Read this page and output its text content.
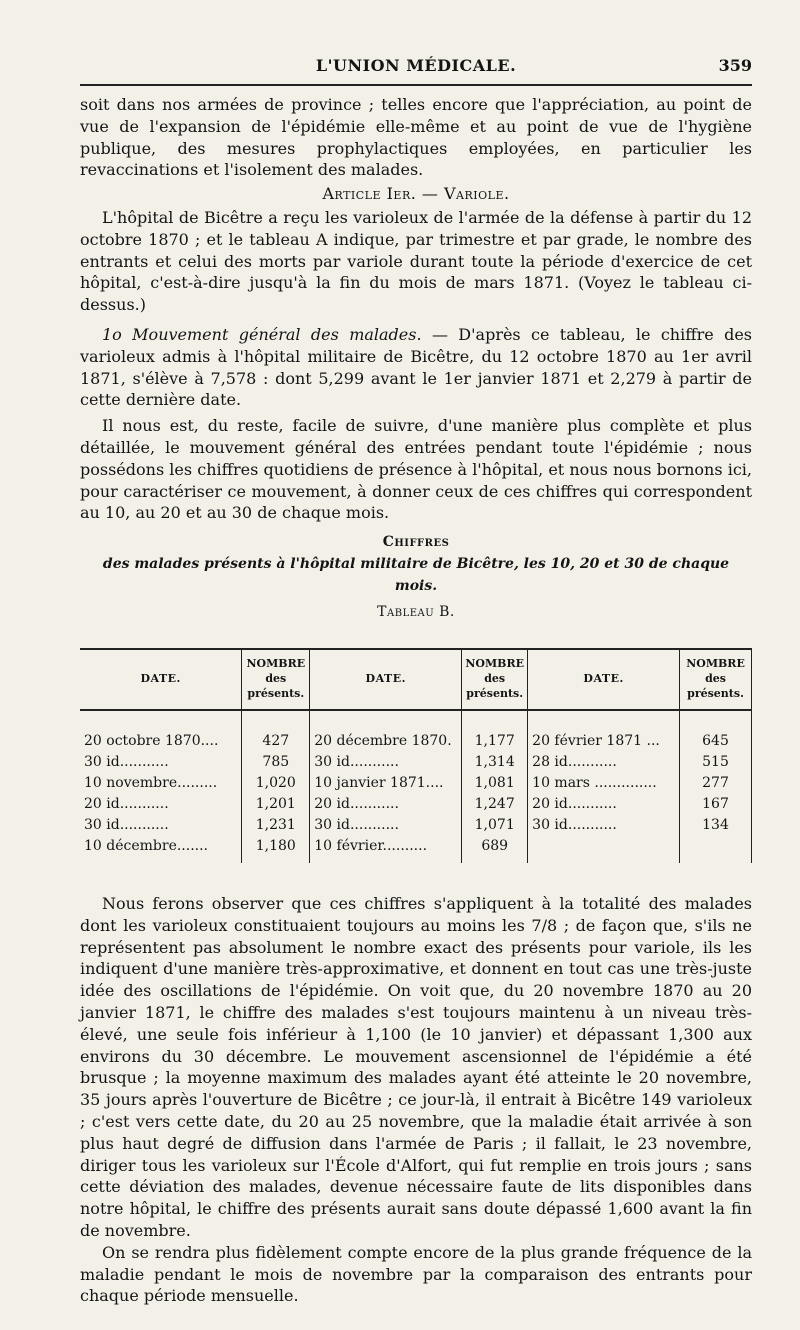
L'UNION MÉDICALE.	359

soit dans nos armées de province ; telles encore que l'appréciation, au point de vue de l'expansion de l'épidémie elle-même et au point de vue de l'hygiène publique, des mesures prophylactiques employées, en particulier les revaccinations et l'isolement des malades.

Article Ier. — Variole.

L'hôpital de Bicêtre a reçu les varioleux de l'armée de la défense à partir du 12 octobre 1870 ; et le tableau A indique, par trimestre et par grade, le nombre des entrants et celui des morts par variole durant toute la période d'exercice de cet hôpital, c'est-à-dire jusqu'à la fin du mois de mars 1871. (Voyez le tableau ci-dessus.)

1o Mouvement général des malades. — D'après ce tableau, le chiffre des varioleux admis à l'hôpital militaire de Bicêtre, du 12 octobre 1870 au 1er avril 1871, s'élève à 7,578 : dont 5,299 avant le 1er janvier 1871 et 2,279 à partir de cette dernière date.

Il nous est, du reste, facile de suivre, d'une manière plus complète et plus détaillée, le mouvement général des entrées pendant toute l'épidémie ; nous possédons les chiffres quotidiens de présence à l'hôpital, et nous nous bornons ici, pour caractériser ce mouvement, à donner ceux de ces chiffres qui correspondent au 10, au 20 et au 30 de chaque mois.

Chiffres

des malades présents à l'hôpital militaire de Bicêtre, les 10, 20 et 30 de chaque mois.

Tableau B.

DATE.	NOMBRE des présents.	DATE.	NOMBRE des présents.	DATE.	NOMBRE des présents.

20 octobre 1870....	427	20 décembre 1870.	1,177	20 février 1871 ...	645
30 id...........	785	30 id...........	1,314	28 id...........	515
10 novembre.........	1,020	10 janvier 1871....	1,081	10 mars ..............	277
20 id...........	1,201	20 id...........	1,247	20 id...........	167
30 id...........	1,231	30 id...........	1,071	30 id...........	134
10 décembre.......	1,180	10 février..........	689		

Nous ferons observer que ces chiffres s'appliquent à la totalité des malades dont les varioleux constituaient toujours au moins les 7/8 ; de façon que, s'ils ne représentent pas absolument le nombre exact des présents pour variole, ils les indiquent d'une manière très-approximative, et donnent en tout cas une très-juste idée des oscillations de l'épidémie. On voit que, du 20 novembre 1870 au 20 janvier 1871, le chiffre des malades s'est toujours maintenu à un niveau très-élevé, une seule fois inférieur à 1,100 (le 10 janvier) et dépassant 1,300 aux environs du 30 décembre. Le mouvement ascensionnel de l'épidémie a été brusque ; la moyenne maximum des malades ayant été atteinte le 20 novembre, 35 jours après l'ouverture de Bicêtre ; ce jour-là, il entrait à Bicêtre 149 varioleux ; c'est vers cette date, du 20 au 25 novembre, que la maladie était arrivée à son plus haut degré de diffusion dans l'armée de Paris ; il fallait, le 23 novembre, diriger tous les varioleux sur l'École d'Alfort, qui fut remplie en trois jours ; sans cette déviation des malades, devenue nécessaire faute de lits disponibles dans notre hôpital, le chiffre des présents aurait sans doute dépassé 1,600 avant la fin de novembre.

On se rendra plus fidèlement compte encore de la plus grande fréquence de la maladie pendant le mois de novembre par la comparaison des entrants pour chaque période mensuelle.
